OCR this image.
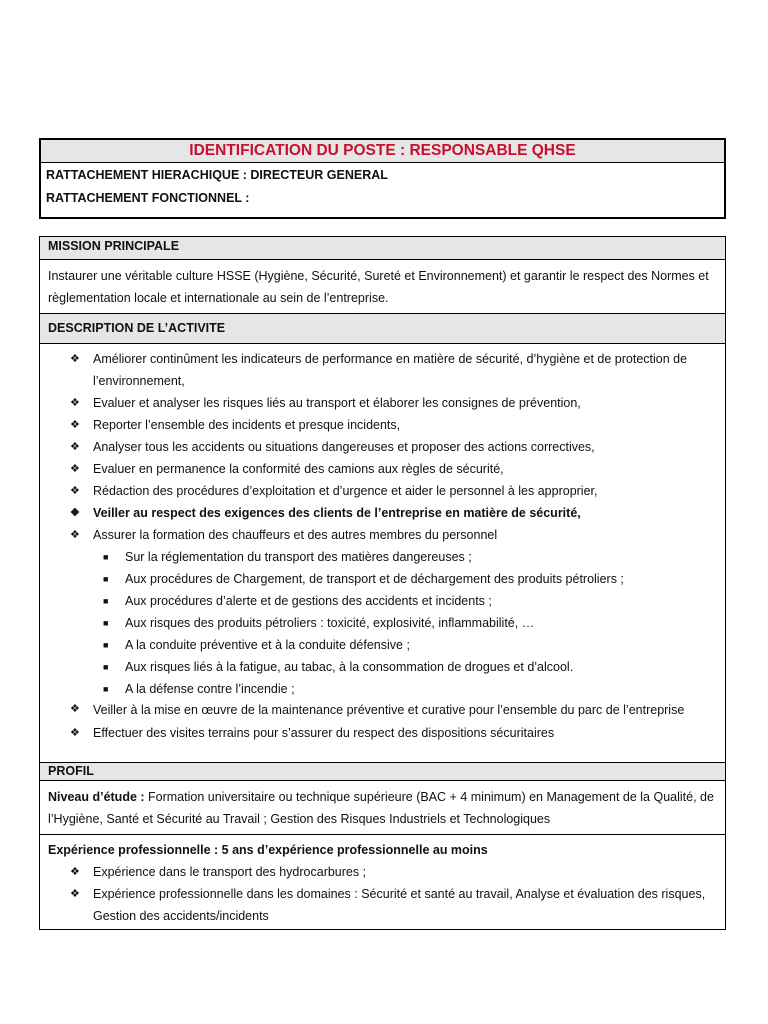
IDENTIFICATION DU POSTE : RESPONSABLE QHSE
RATTACHEMENT HIERACHIQUE : DIRECTEUR GENERAL
RATTACHEMENT FONCTIONNEL :
MISSION PRINCIPALE
Instaurer une véritable culture HSSE (Hygiène, Sécurité, Sureté et Environnement) et garantir le respect des Normes et règlementation locale et internationale au sein de l’entreprise.
DESCRIPTION DE L’ACTIVITE
❖ Améliorer continûment les indicateurs de performance en matière de sécurité, d’hygiène et de protection de l’environnement,
❖ Evaluer et analyser les risques liés au transport et élaborer les consignes de prévention,
❖ Reporter l’ensemble des incidents et presque incidents,
❖ Analyser tous les accidents ou situations dangereuses et proposer des actions correctives,
❖ Evaluer en permanence la conformité des camions aux règles de sécurité,
❖ Rédaction des procédures d’exploitation et d’urgence et aider le personnel à les approprier,
❖ Veiller au respect des exigences des clients de l’entreprise en matière de sécurité,
❖ Assurer la formation des chauffeurs et des autres membres du personnel
■ Sur la réglementation du transport des matières dangereuses ;
■ Aux procédures de Chargement, de transport et de déchargement des produits pétroliers ;
■ Aux procédures d’alerte et de gestions des accidents et incidents ;
■ Aux risques des produits pétroliers : toxicité, explosivité, inflammabilité, …
■ A la conduite préventive et à la conduite défensive ;
■ Aux risques liés à la fatigue, au tabac, à la consommation de drogues et d’alcool.
■ A la défense contre l’incendie ;
❖ Veiller à la mise en œuvre de la maintenance préventive et curative pour l’ensemble du parc de l’entreprise
❖ Effectuer des visites terrains pour s’assurer du respect des dispositions sécuritaires
PROFIL
Niveau d’étude : Formation universitaire ou technique supérieure (BAC + 4 minimum) en Management de la Qualité, de l’Hygiène, Santé et Sécurité au Travail ; Gestion des Risques Industriels et Technologiques
Expérience professionnelle : 5 ans d’expérience professionnelle au moins
❖ Expérience dans le transport des hydrocarbures ;
❖ Expérience professionnelle dans les domaines : Sécurité et santé au travail, Analyse et évaluation des risques, Gestion des accidents/incidents
